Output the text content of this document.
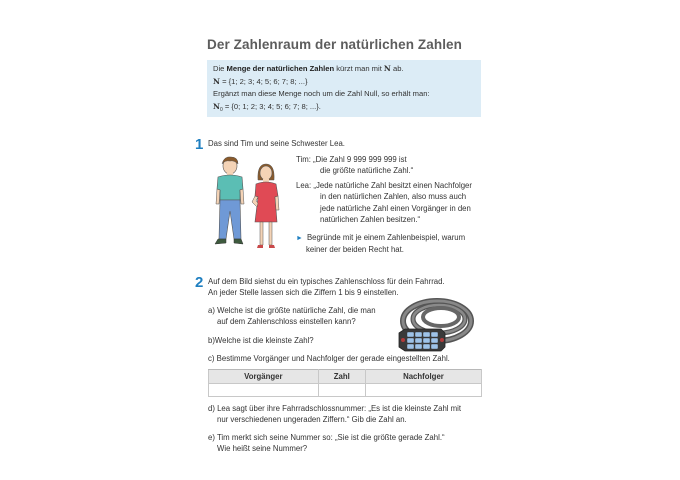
Der Zahlenraum der natürlichen Zahlen
Die Menge der natürlichen Zahlen kürzt man mit N ab.
N = {1; 2; 3; 4; 5; 6; 7; 8; ...}
Ergänzt man diese Menge noch um die Zahl Null, so erhält man:
$N_0 = \{0$; 1; 2; 3; 4; 5; 6; 7; 8; ...}.
1 Das sind Tim und seine Schwester Lea.
Tim: „Die Zahl 9 999 999 999 ist
die größte natürliche Zahl.“
Lea: „Jede natürliche Zahl besitzt einen Nachfolger
in den natürlichen Zahlen, also muss auch
jede natürliche Zahl einen Vorgänger in den
natürlichen Zahlen besitzen.“
► Begründe mit je einem Zahlenbeispiel, warum
keiner der beiden Recht hat.
2 Auf dem Bild siehst du ein typisches Zahlenschloss für dein Fahrrad.
An jeder Stelle lassen sich die Ziffern 1 bis 9 einstellen.
a) Welche ist die größte natürliche Zahl, die man
auf dem Zahlenschloss einstellen kann?
b)Welche ist die kleinste Zahl?
c) Bestimme Vorgänger und Nachfolger der gerade eingestellten Zahl.
Vorgänger	Zahl	Nachfolger

d) Lea sagt über ihre Fahrradschlossnummer: „Es ist die kleinste Zahl mit
nur verschiedenen ungeraden Ziffern.“ Gib die Zahl an.
e) Tim merkt sich seine Nummer so: „Sie ist die größte gerade Zahl.“
Wie heißt seine Nummer?
